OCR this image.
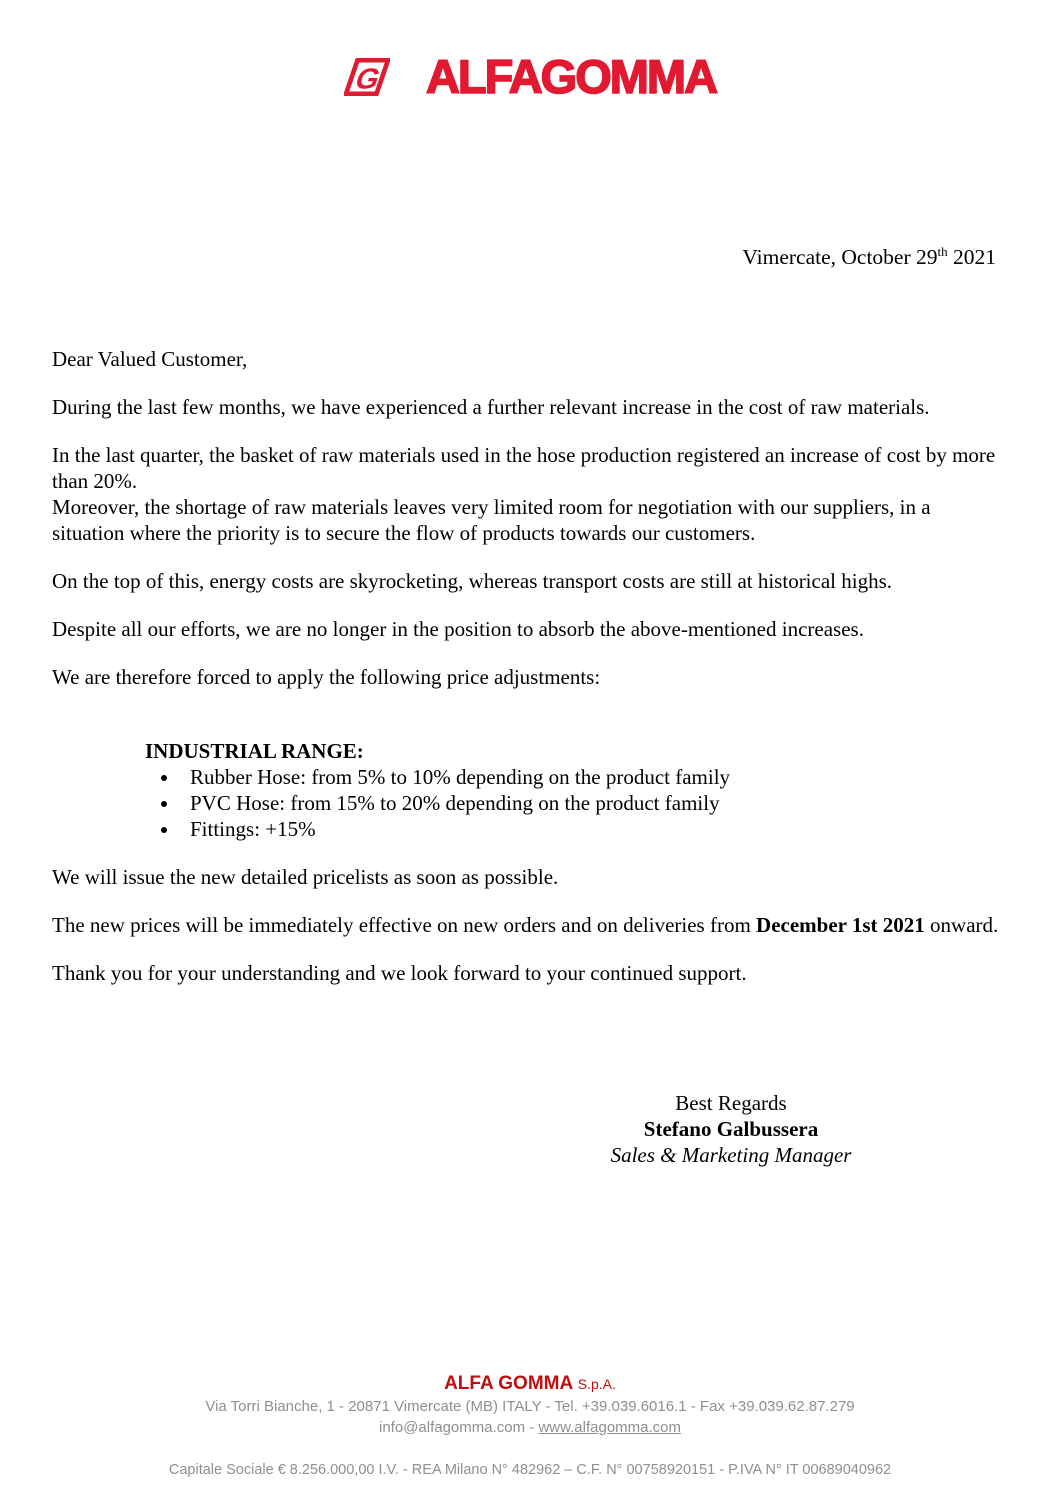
G ALFAGOMMA
Vimercate, October 29th 2021

Dear Valued Customer,

During the last few months, we have experienced a further relevant increase in the cost of raw materials.

In the last quarter, the basket of raw materials used in the hose production registered an increase of cost by more than 20%.

Moreover, the shortage of raw materials leaves very limited room for negotiation with our suppliers, in a situation where the priority is to secure the flow of products towards our customers.

On the top of this, energy costs are skyrocketing, whereas transport costs are still at historical highs.

Despite all our efforts, we are no longer in the position to absorb the above-mentioned increases.

We are therefore forced to apply the following price adjustments:

INDUSTRIAL RANGE:
• Rubber Hose: from 5% to 10% depending on the product family
• PVC Hose: from 15% to 20% depending on the product family
• Fittings: +15%

We will issue the new detailed pricelists as soon as possible.

The new prices will be immediately effective on new orders and on deliveries from December 1st 2021 onward.

Thank you for your understanding and we look forward to your continued support.

Best Regards
Stefano Galbussera
Sales & Marketing Manager
ALFA GOMMA S.p.A.
Via Torri Bianche, 1 - 20871 Vimercate (MB) ITALY - Tel. +39.039.6016.1 - Fax +39.039.62.87.279
info@alfagomma.com - www.alfagomma.com
Capitale Sociale € 8.256.000,00 I.V. - REA Milano N° 482962 – C.F. N° 00758920151 - P.IVA N° IT 00689040962
